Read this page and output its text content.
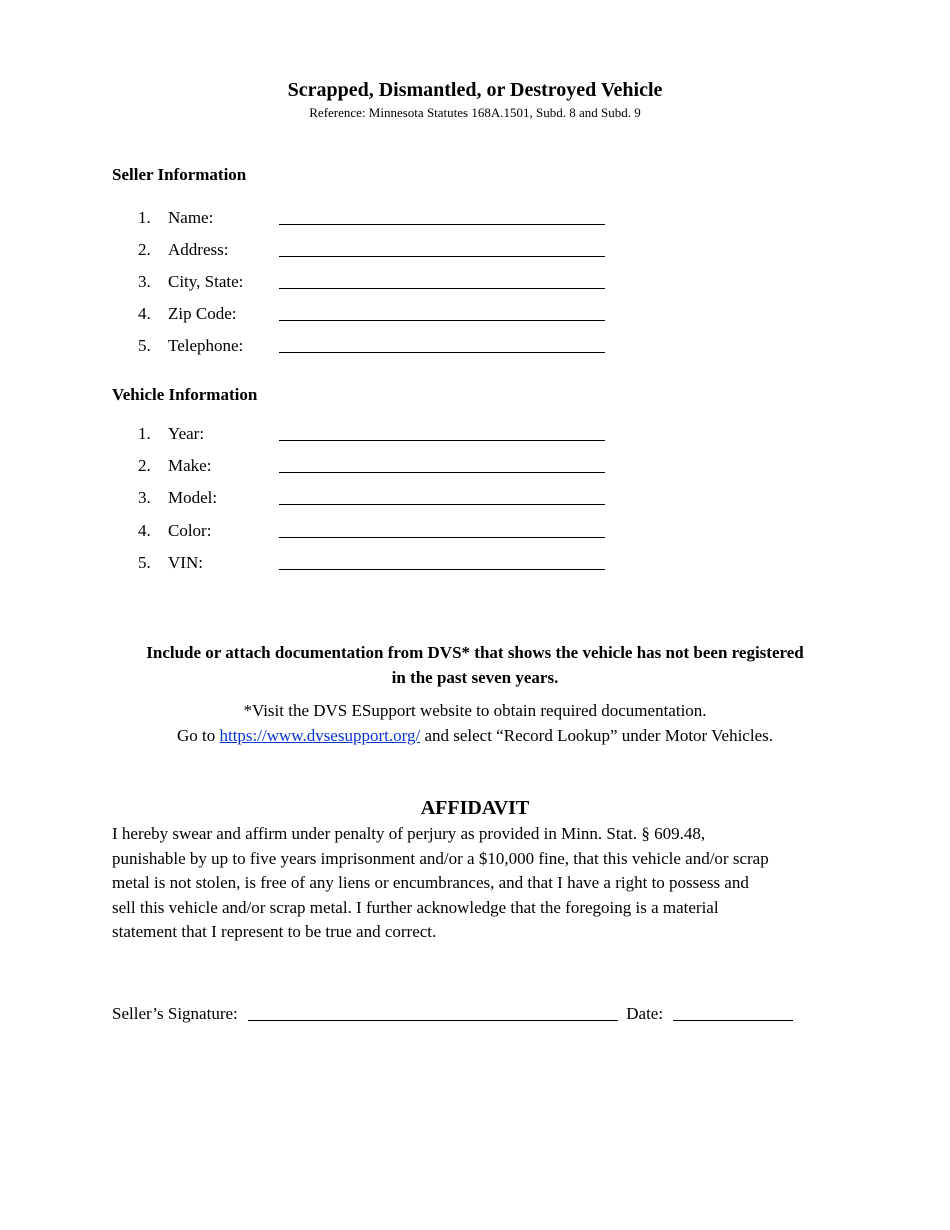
Scrapped, Dismantled, or Destroyed Vehicle
Reference: Minnesota Statutes 168A.1501, Subd. 8 and Subd. 9
Seller Information
1. Name:
2. Address:
3. City, State:
4. Zip Code:
5. Telephone:
Vehicle Information
1. Year:
2. Make:
3. Model:
4. Color:
5. VIN:
Include or attach documentation from DVS* that shows the vehicle has not been registered
in the past seven years.
*Visit the DVS ESupport website to obtain required documentation.
Go to https://www.dvsesupport.org/ and select “Record Lookup” under Motor Vehicles.
AFFIDAVIT
I hereby swear and affirm under penalty of perjury as provided in Minn. Stat. § 609.48,
punishable by up to five years imprisonment and/or a $10,000 fine, that this vehicle and/or scrap
metal is not stolen, is free of any liens or encumbrances, and that I have a right to possess and
sell this vehicle and/or scrap metal. I further acknowledge that the foregoing is a material
statement that I represent to be true and correct.
Seller’s Signature:	Date:
